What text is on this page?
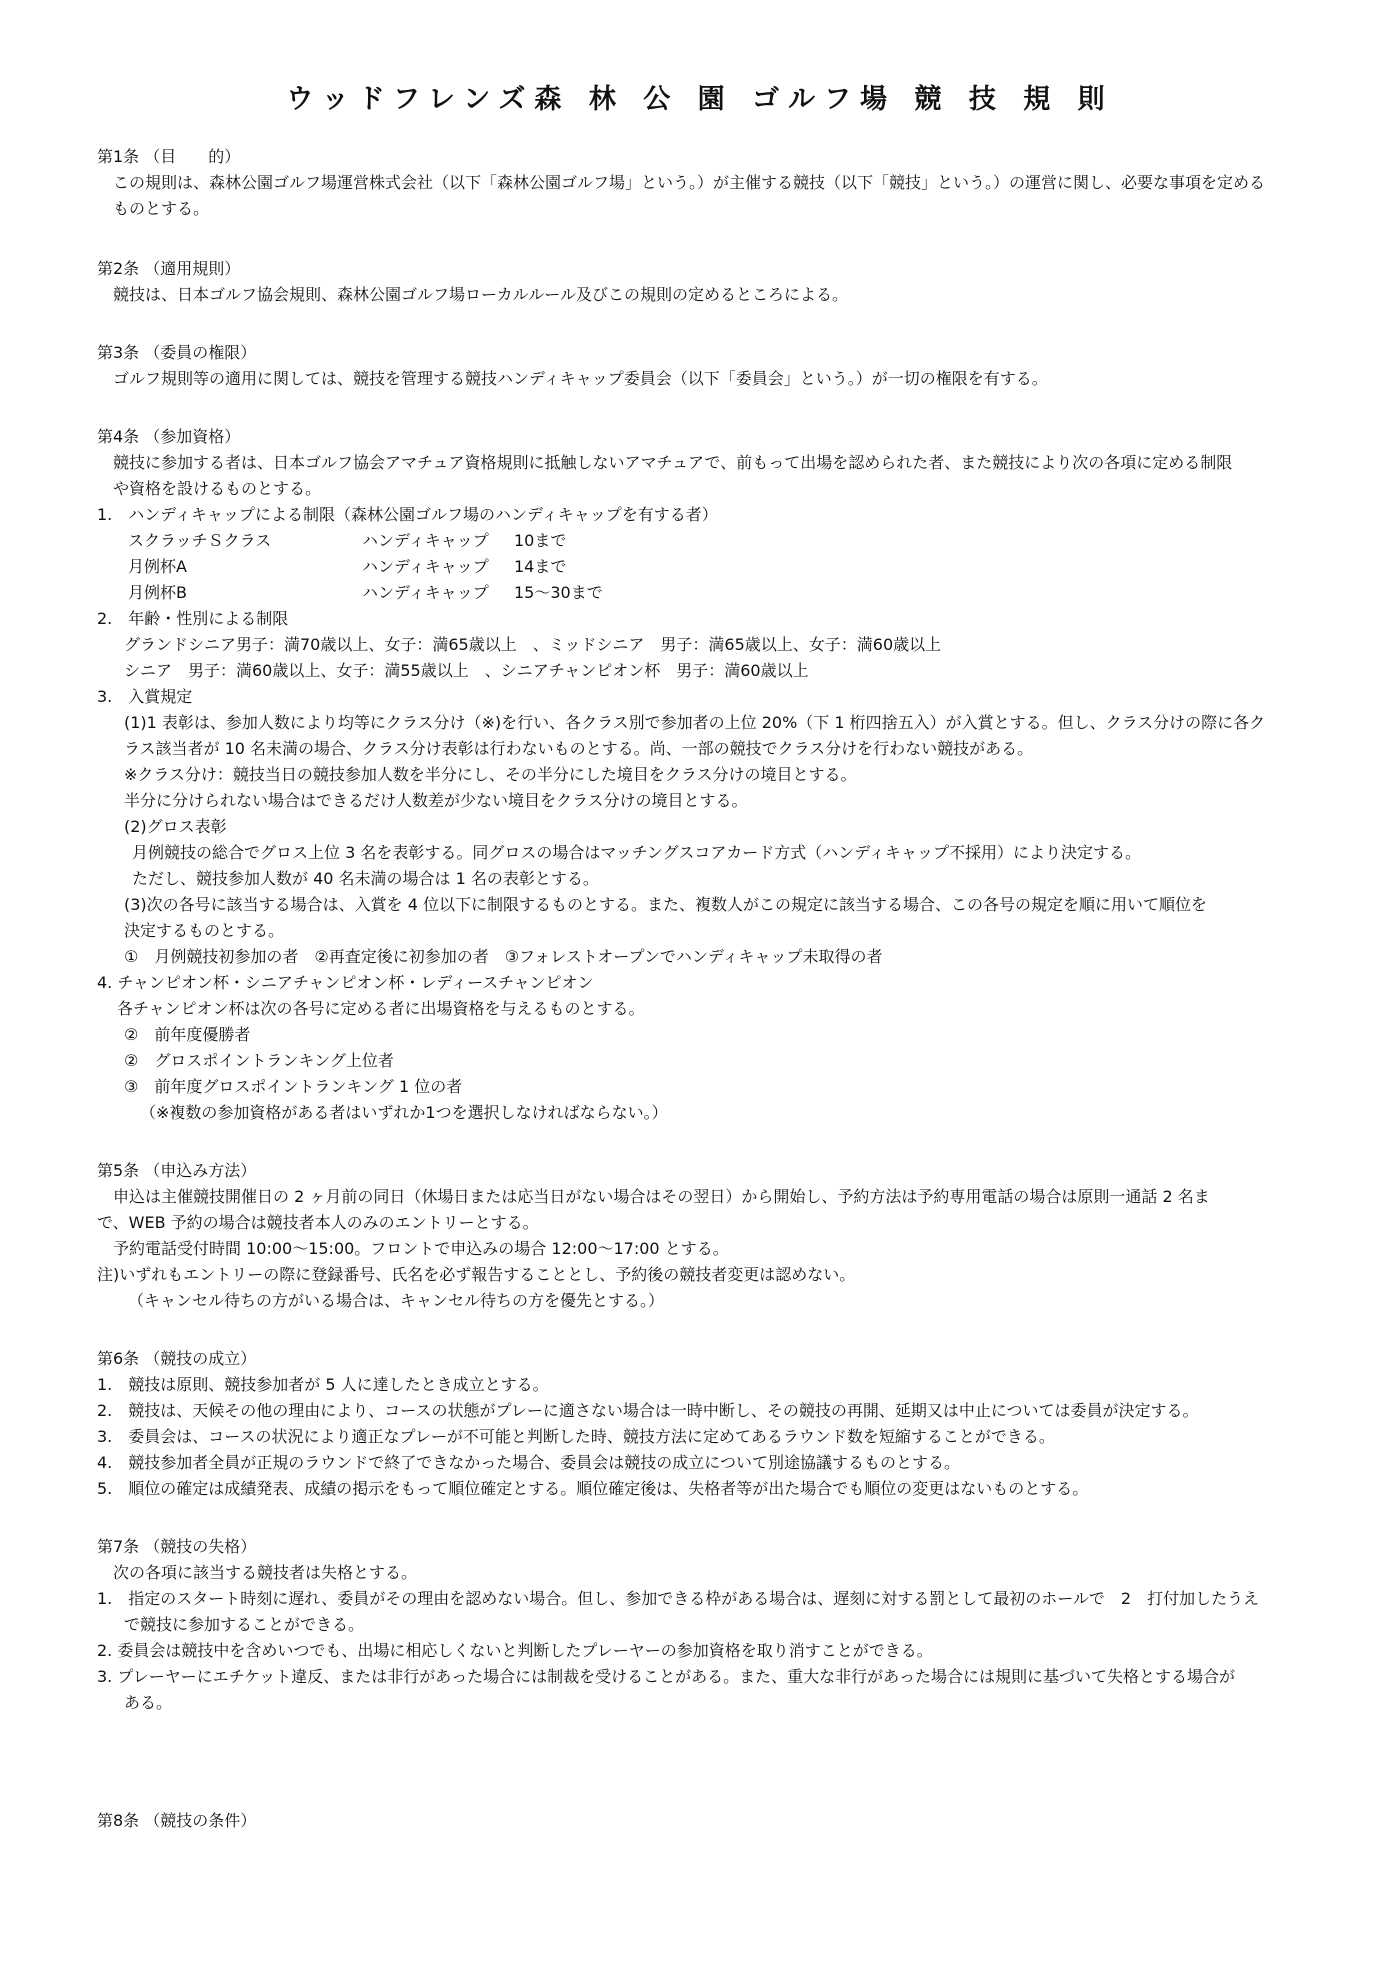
ウッドフレンズ森 林 公 園 ゴルフ場 競 技 規 則
第1条 （目　　的）
この規則は、森林公園ゴルフ場運営株式会社（以下「森林公園ゴルフ場」という。）が主催する競技（以下「競技」という。）の運営に関し、必要な事項を定める
ものとする。
第2条 （適用規則）
競技は、日本ゴルフ協会規則、森林公園ゴルフ場ローカルルール及びこの規則の定めるところによる。
第3条 （委員の権限）
ゴルフ規則等の適用に関しては、競技を管理する競技ハンディキャップ委員会（以下「委員会」という。）が一切の権限を有する。
第4条 （参加資格）
競技に参加する者は、日本ゴルフ協会アマチュア資格規則に抵触しないアマチュアで、前もって出場を認められた者、また競技により次の各項に定める制限
や資格を設けるものとする。
1.　ハンディキャップによる制限（森林公園ゴルフ場のハンディキャップを有する者）
スクラッチＳクラス	ハンディキャップ 10まで
月例杯A	ハンディキャップ 14まで
月例杯B	ハンディキャップ 15～30まで
2.　年齢・性別による制限
グランドシニア男子：満70歳以上、女子：満65歳以上　、ミッドシニア　男子：満65歳以上、女子：満60歳以上
シニア　男子：満60歳以上、女子：満55歳以上　、シニアチャンピオン杯　男子：満60歳以上
3.　入賞規定
(1)1 表彰は、参加人数により均等にクラス分け（※)を行い、各クラス別で参加者の上位 20%（下 1 桁四捨五入）が入賞とする。但し、クラス分けの際に各ク
ラス該当者が 10 名未満の場合、クラス分け表彰は行わないものとする。尚、一部の競技でクラス分けを行わない競技がある。
※クラス分け：競技当日の競技参加人数を半分にし、その半分にした境目をクラス分けの境目とする。
半分に分けられない場合はできるだけ人数差が少ない境目をクラス分けの境目とする。
(2)グロス表彰
月例競技の総合でグロス上位 3 名を表彰する。同グロスの場合はマッチングスコアカード方式（ハンディキャップ不採用）により決定する。
ただし、競技参加人数が 40 名未満の場合は 1 名の表彰とする。
(3)次の各号に該当する場合は、入賞を 4 位以下に制限するものとする。また、複数人がこの規定に該当する場合、この各号の規定を順に用いて順位を
決定するものとする。
①　月例競技初参加の者　②再査定後に初参加の者　③フォレストオープンでハンディキャップ未取得の者
4. チャンピオン杯・シニアチャンピオン杯・レディースチャンピオン
各チャンピオン杯は次の各号に定める者に出場資格を与えるものとする。
②　前年度優勝者
②　グロスポイントランキング上位者
③　前年度グロスポイントランキング 1 位の者
（※複数の参加資格がある者はいずれか1つを選択しなければならない。）
第5条 （申込み方法）
申込は主催競技開催日の 2 ヶ月前の同日（休場日または応当日がない場合はその翌日）から開始し、予約方法は予約専用電話の場合は原則一通話 2 名ま
で、WEB 予約の場合は競技者本人のみのエントリーとする。
予約電話受付時間 10:00～15:00。フロントで申込みの場合 12:00～17:00 とする。
注)いずれもエントリーの際に登録番号、氏名を必ず報告することとし、予約後の競技者変更は認めない。
（キャンセル待ちの方がいる場合は、キャンセル待ちの方を優先とする。）
第6条 （競技の成立）
1.　競技は原則、競技参加者が 5 人に達したとき成立とする。
2.　競技は、天候その他の理由により、コースの状態がプレーに適さない場合は一時中断し、その競技の再開、延期又は中止については委員が決定する。
3.　委員会は、コースの状況により適正なプレーが不可能と判断した時、競技方法に定めてあるラウンド数を短縮することができる。
4.　競技参加者全員が正規のラウンドで終了できなかった場合、委員会は競技の成立について別途協議するものとする。
5.　順位の確定は成績発表、成績の掲示をもって順位確定とする。順位確定後は、失格者等が出た場合でも順位の変更はないものとする。
第7条 （競技の失格）
次の各項に該当する競技者は失格とする。
1.　指定のスタート時刻に遅れ、委員がその理由を認めない場合。但し、参加できる枠がある場合は、遅刻に対する罰として最初のホールで　2　打付加したうえ
で競技に参加することができる。
2. 委員会は競技中を含めいつでも、出場に相応しくないと判断したプレーヤーの参加資格を取り消すことができる。
3. プレーヤーにエチケット違反、または非行があった場合には制裁を受けることがある。また、重大な非行があった場合には規則に基づいて失格とする場合が
ある。
第8条 （競技の条件）
